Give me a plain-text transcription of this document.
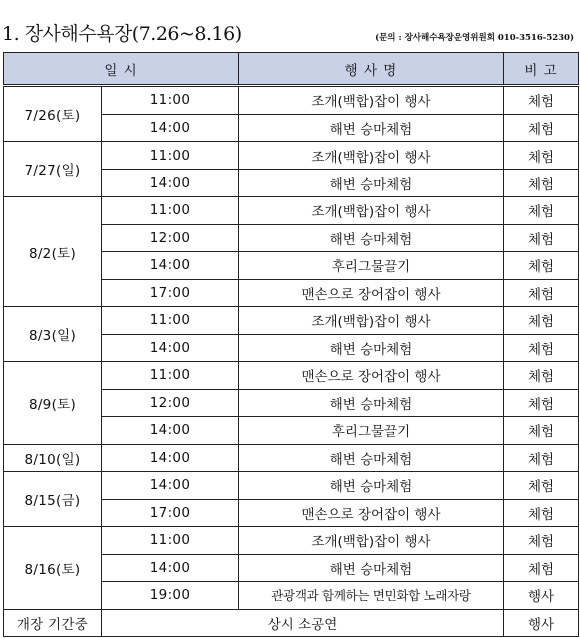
1. 장사해수욕장(7.26~8.16)	(문의 : 장사해수욕장운영위원회 010-3516-5230)
일 시		행 사 명	비 고
7/26(토)	11:00	조개(백합)잡이 행사	체험
	14:00	해변 승마체험	체험
7/27(일)	11:00	조개(백합)잡이 행사	체험
	14:00	해변 승마체험	체험
8/2(토)	11:00	조개(백합)잡이 행사	체험
	12:00	해변 승마체험	체험
	14:00	후리그물끌기	체험
	17:00	맨손으로 장어잡이 행사	체험
8/3(일)	11:00	조개(백합)잡이 행사	체험
	14:00	해변 승마체험	체험
8/9(토)	11:00	맨손으로 장어잡이 행사	체험
	12:00	해변 승마체험	체험
	14:00	후리그물끌기	체험
8/10(일)	14:00	해변 승마체험	체험
8/15(금)	14:00	해변 승마체험	체험
	17:00	맨손으로 장어잡이 행사	체험
8/16(토)	11:00	조개(백합)잡이 행사	체험
	14:00	해변 승마체험	체험
	19:00	관광객과 함께하는 면민화합 노래자랑	행사
개장 기간중	상시 소공연		행사
